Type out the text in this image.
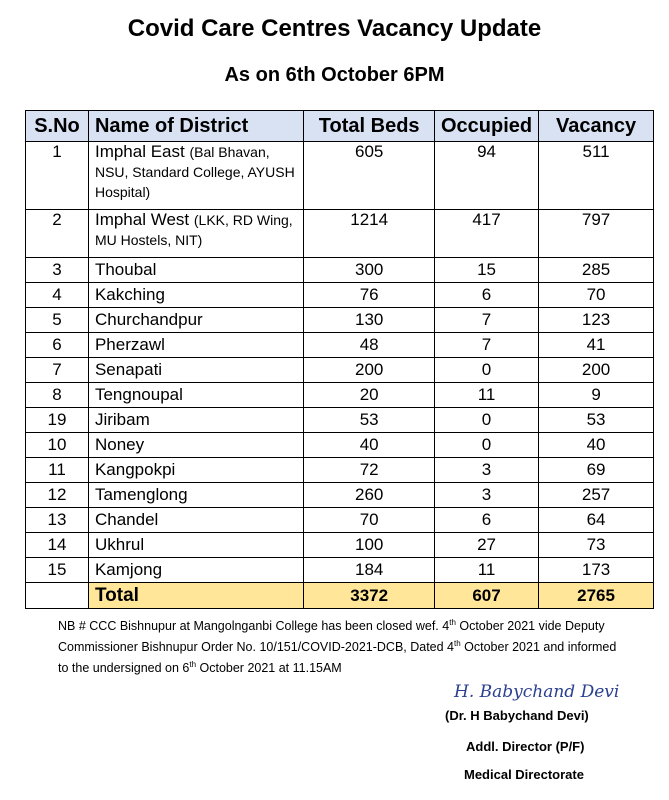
Covid Care Centres Vacancy Update
As on 6th October 6PM
S.No	Name of District	Total Beds	Occupied	Vacancy
1	Imphal East (Bal Bhavan, NSU, Standard College, AYUSH Hospital)	605	94	511
2	Imphal West (LKK, RD Wing, MU Hostels, NIT)	1214	417	797
3	Thoubal	300	15	285
4	Kakching	76	6	70
5	Churchandpur	130	7	123
6	Pherzawl	48	7	41
7	Senapati	200	0	200
8	Tengnoupal	20	11	9
19	Jiribam	53	0	53
10	Noney	40	0	40
11	Kangpokpi	72	3	69
12	Tamenglong	260	3	257
13	Chandel	70	6	64
14	Ukhrul	100	27	73
15	Kamjong	184	11	173
	Total	3372	607	2765
NB # CCC Bishnupur at Mangolnganbi College has been closed wef. 4th October 2021 vide Deputy Commissioner Bishnupur Order No. 10/151/COVID-2021-DCB, Dated 4th October 2021 and informed to the undersigned on 6th October 2021 at 11.15AM
H. Babychand Devi
(Dr. H Babychand Devi)
Addl. Director (P/F)
Medical Directorate
